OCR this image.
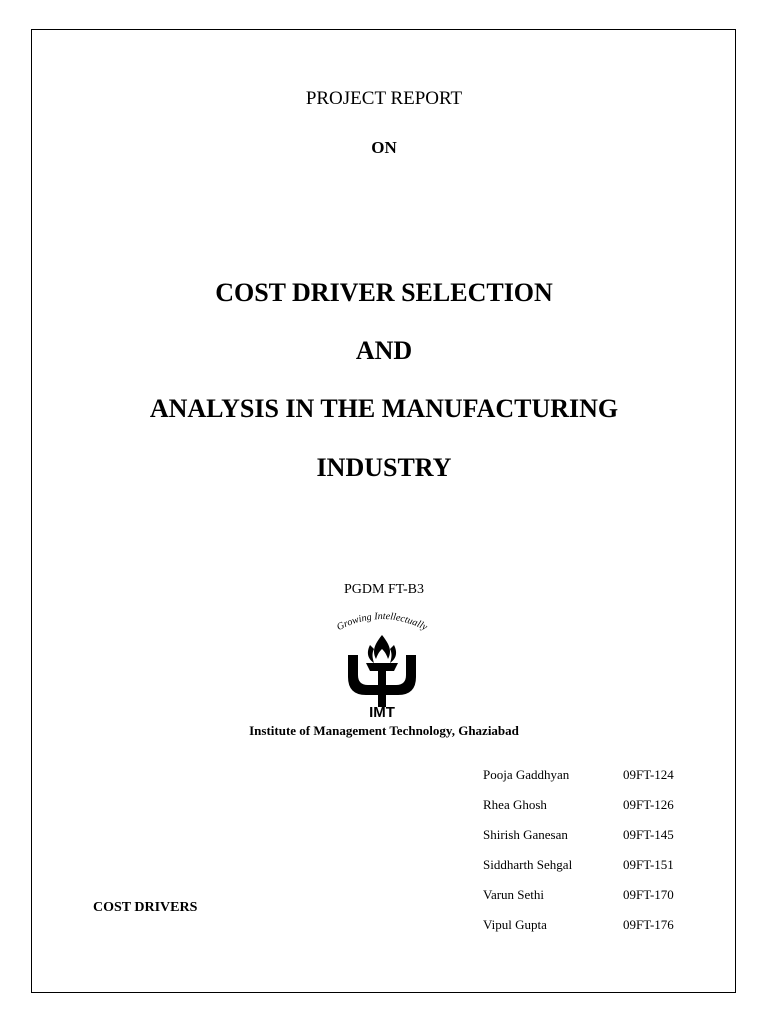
PROJECT REPORT
ON
COST DRIVER SELECTION
AND
ANALYSIS IN THE MANUFACTURING
INDUSTRY
PGDM FT-B3
Growing Intellectually
IMT
Institute of Management Technology, Ghaziabad
Pooja Gaddhyan	09FT-124
Rhea Ghosh	09FT-126
Shirish Ganesan	09FT-145
Siddharth Sehgal	09FT-151
Varun Sethi	09FT-170
Vipul Gupta	09FT-176
COST DRIVERS
